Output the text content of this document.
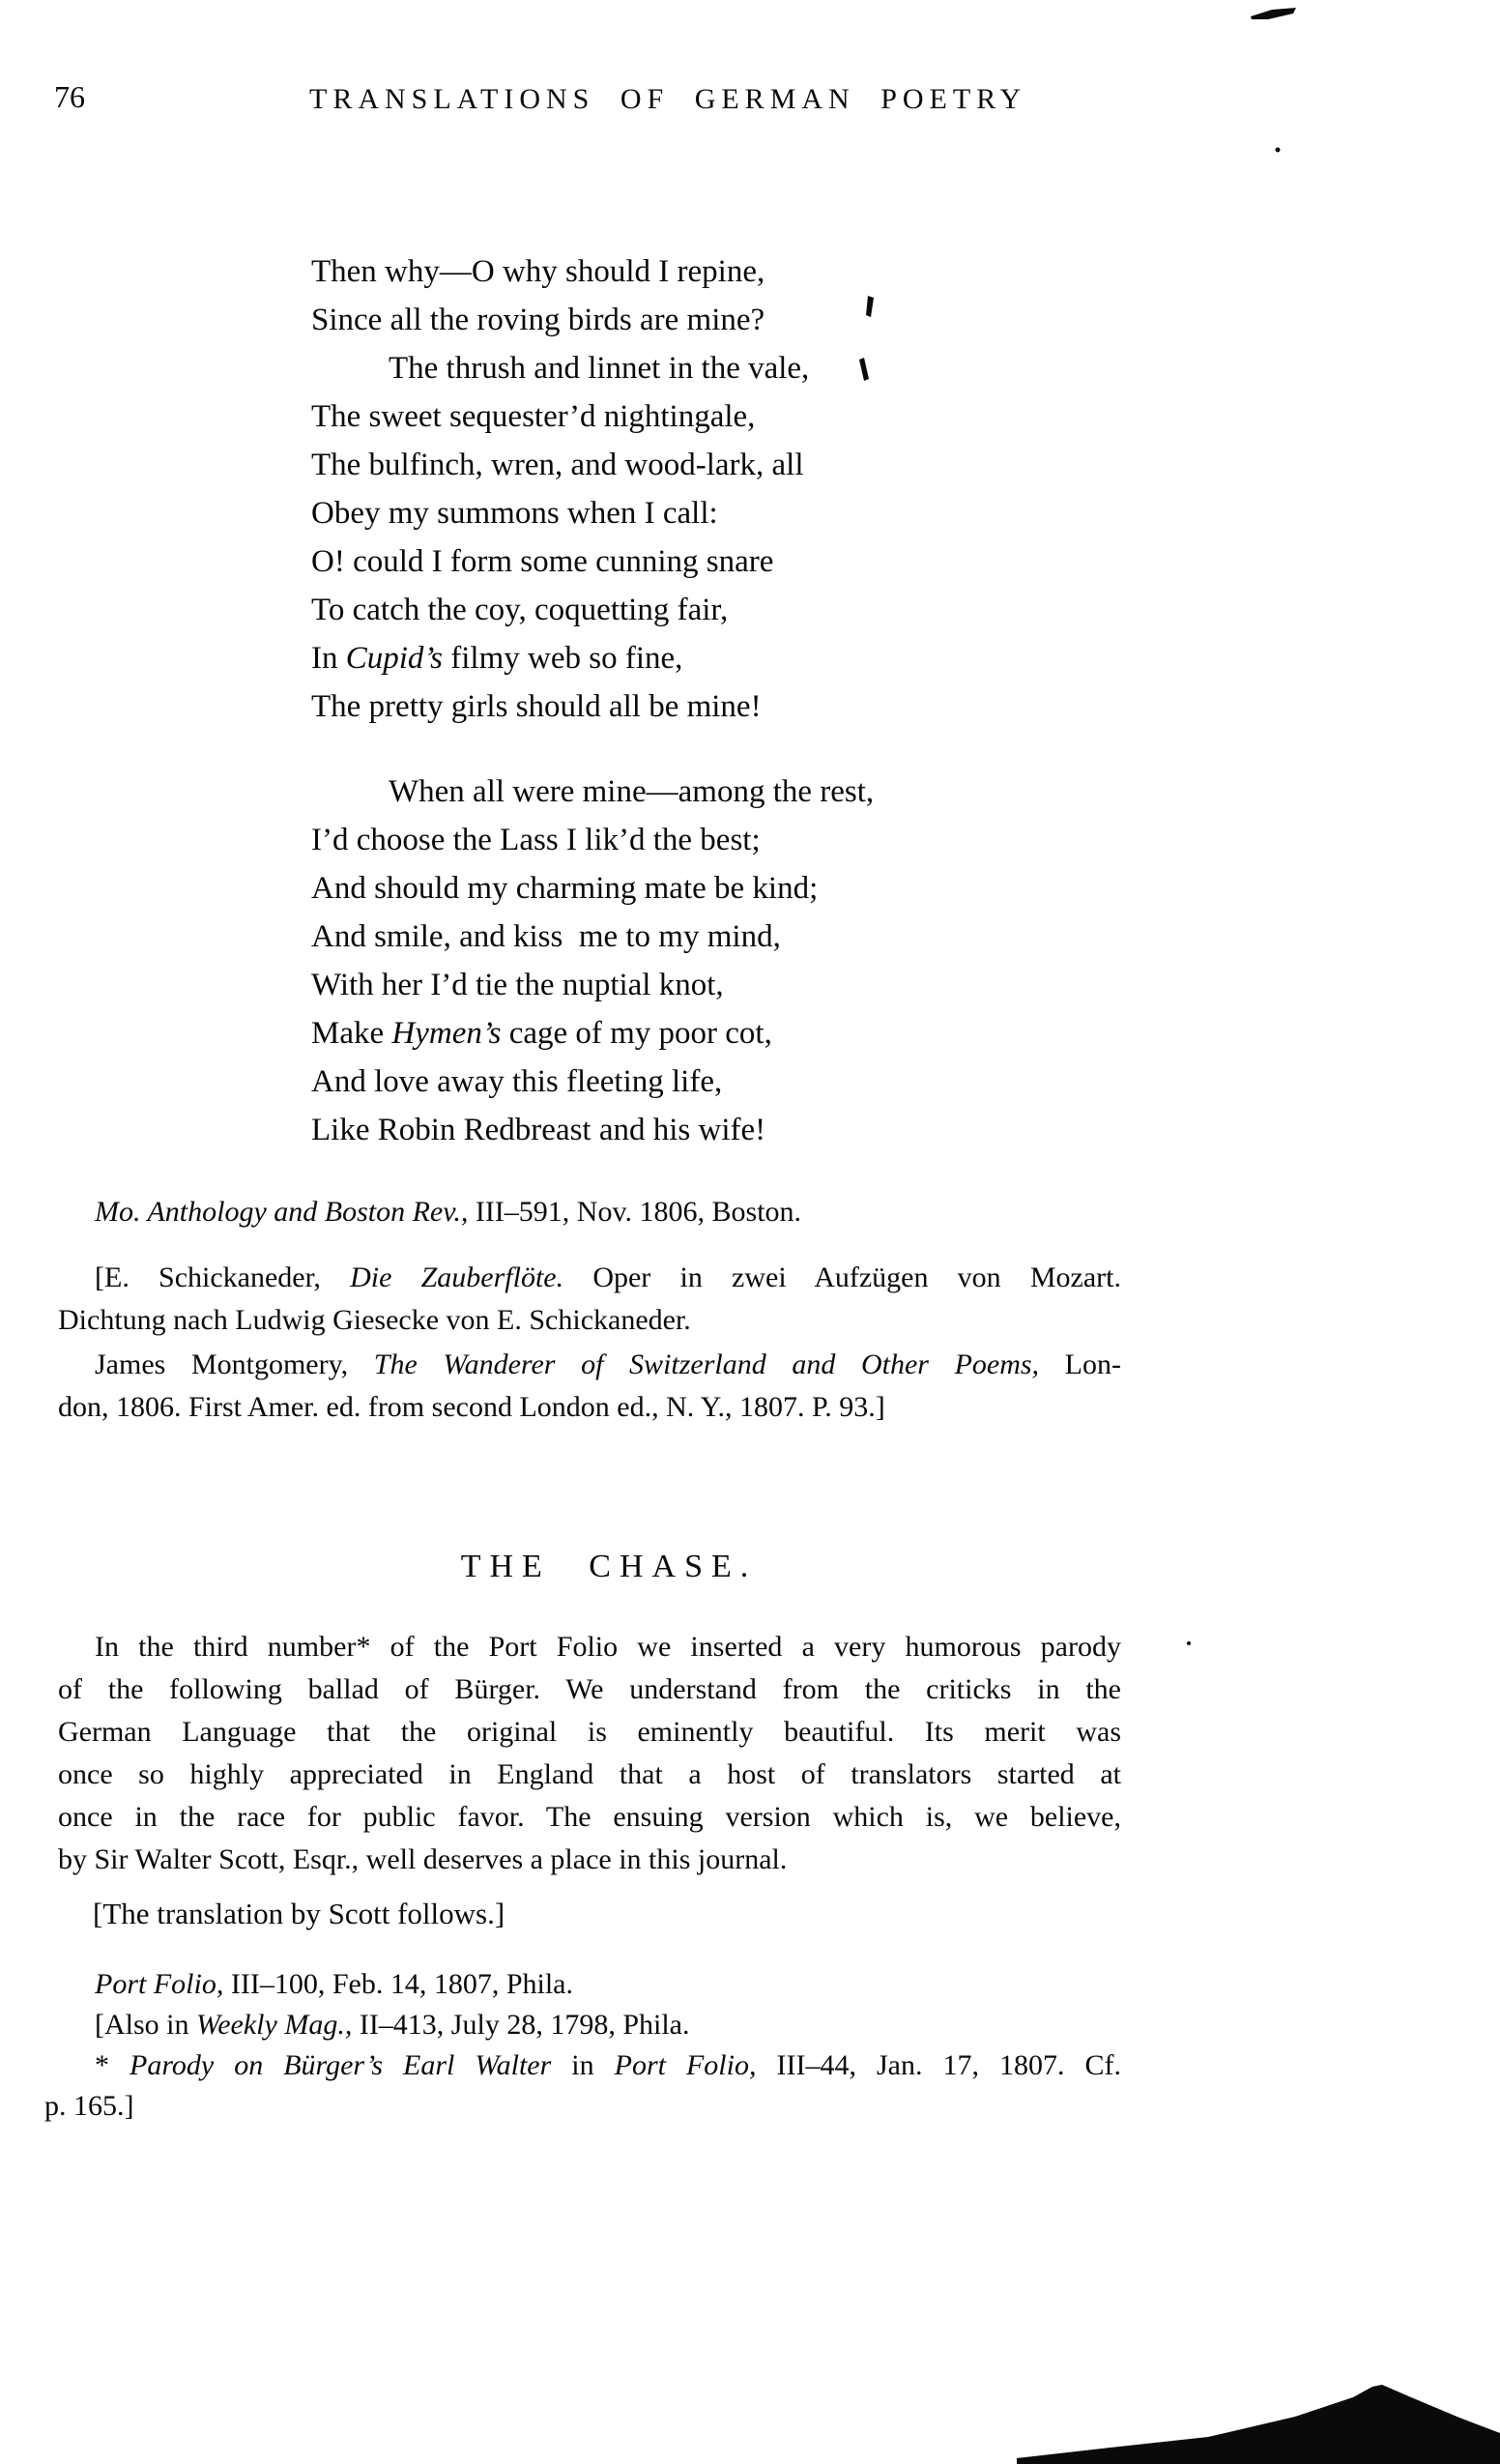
76	TRANSLATIONS OF GERMAN POETRY
Then why—O why should I repine,
Since all the roving birds are mine?
The thrush and linnet in the vale,
The sweet sequester’d nightingale,
The bulfinch, wren, and wood-lark, all
Obey my summons when I call:
O! could I form some cunning snare
To catch the coy, coquetting fair,
In Cupid’s filmy web so fine,
The pretty girls should all be mine!
When all were mine—among the rest,
I’d choose the Lass I lik’d the best;
And should my charming mate be kind;
And smile, and kiss  me to my mind,
With her I’d tie the nuptial knot,
Make Hymen’s cage of my poor cot,
And love away this fleeting life,
Like Robin Redbreast and his wife!
Mo. Anthology and Boston Rev., III–591, Nov. 1806, Boston.
[E. Schickaneder, Die Zauberflöte. Oper in zwei Aufzügen von Mozart.
Dichtung nach Ludwig Giesecke von E. Schickaneder.
James Montgomery, The Wanderer of Switzerland and Other Poems, Lon-
don, 1806. First Amer. ed. from second London ed., N. Y., 1807. P. 93.]
THE CHASE.
In the third number* of the Port Folio we inserted a very humorous parody
of the following ballad of Bürger. We understand from the criticks in the
German Language that the original is eminently beautiful. Its merit was
once so highly appreciated in England that a host of translators started at
once in the race for public favor. The ensuing version which is, we believe,
by Sir Walter Scott, Esqr., well deserves a place in this journal.
[The translation by Scott follows.]
Port Folio, III–100, Feb. 14, 1807, Phila.
[Also in Weekly Mag., II–413, July 28, 1798, Phila.
* Parody on Bürger’s Earl Walter in Port Folio, III–44, Jan. 17, 1807. Cf.
p. 165.]
